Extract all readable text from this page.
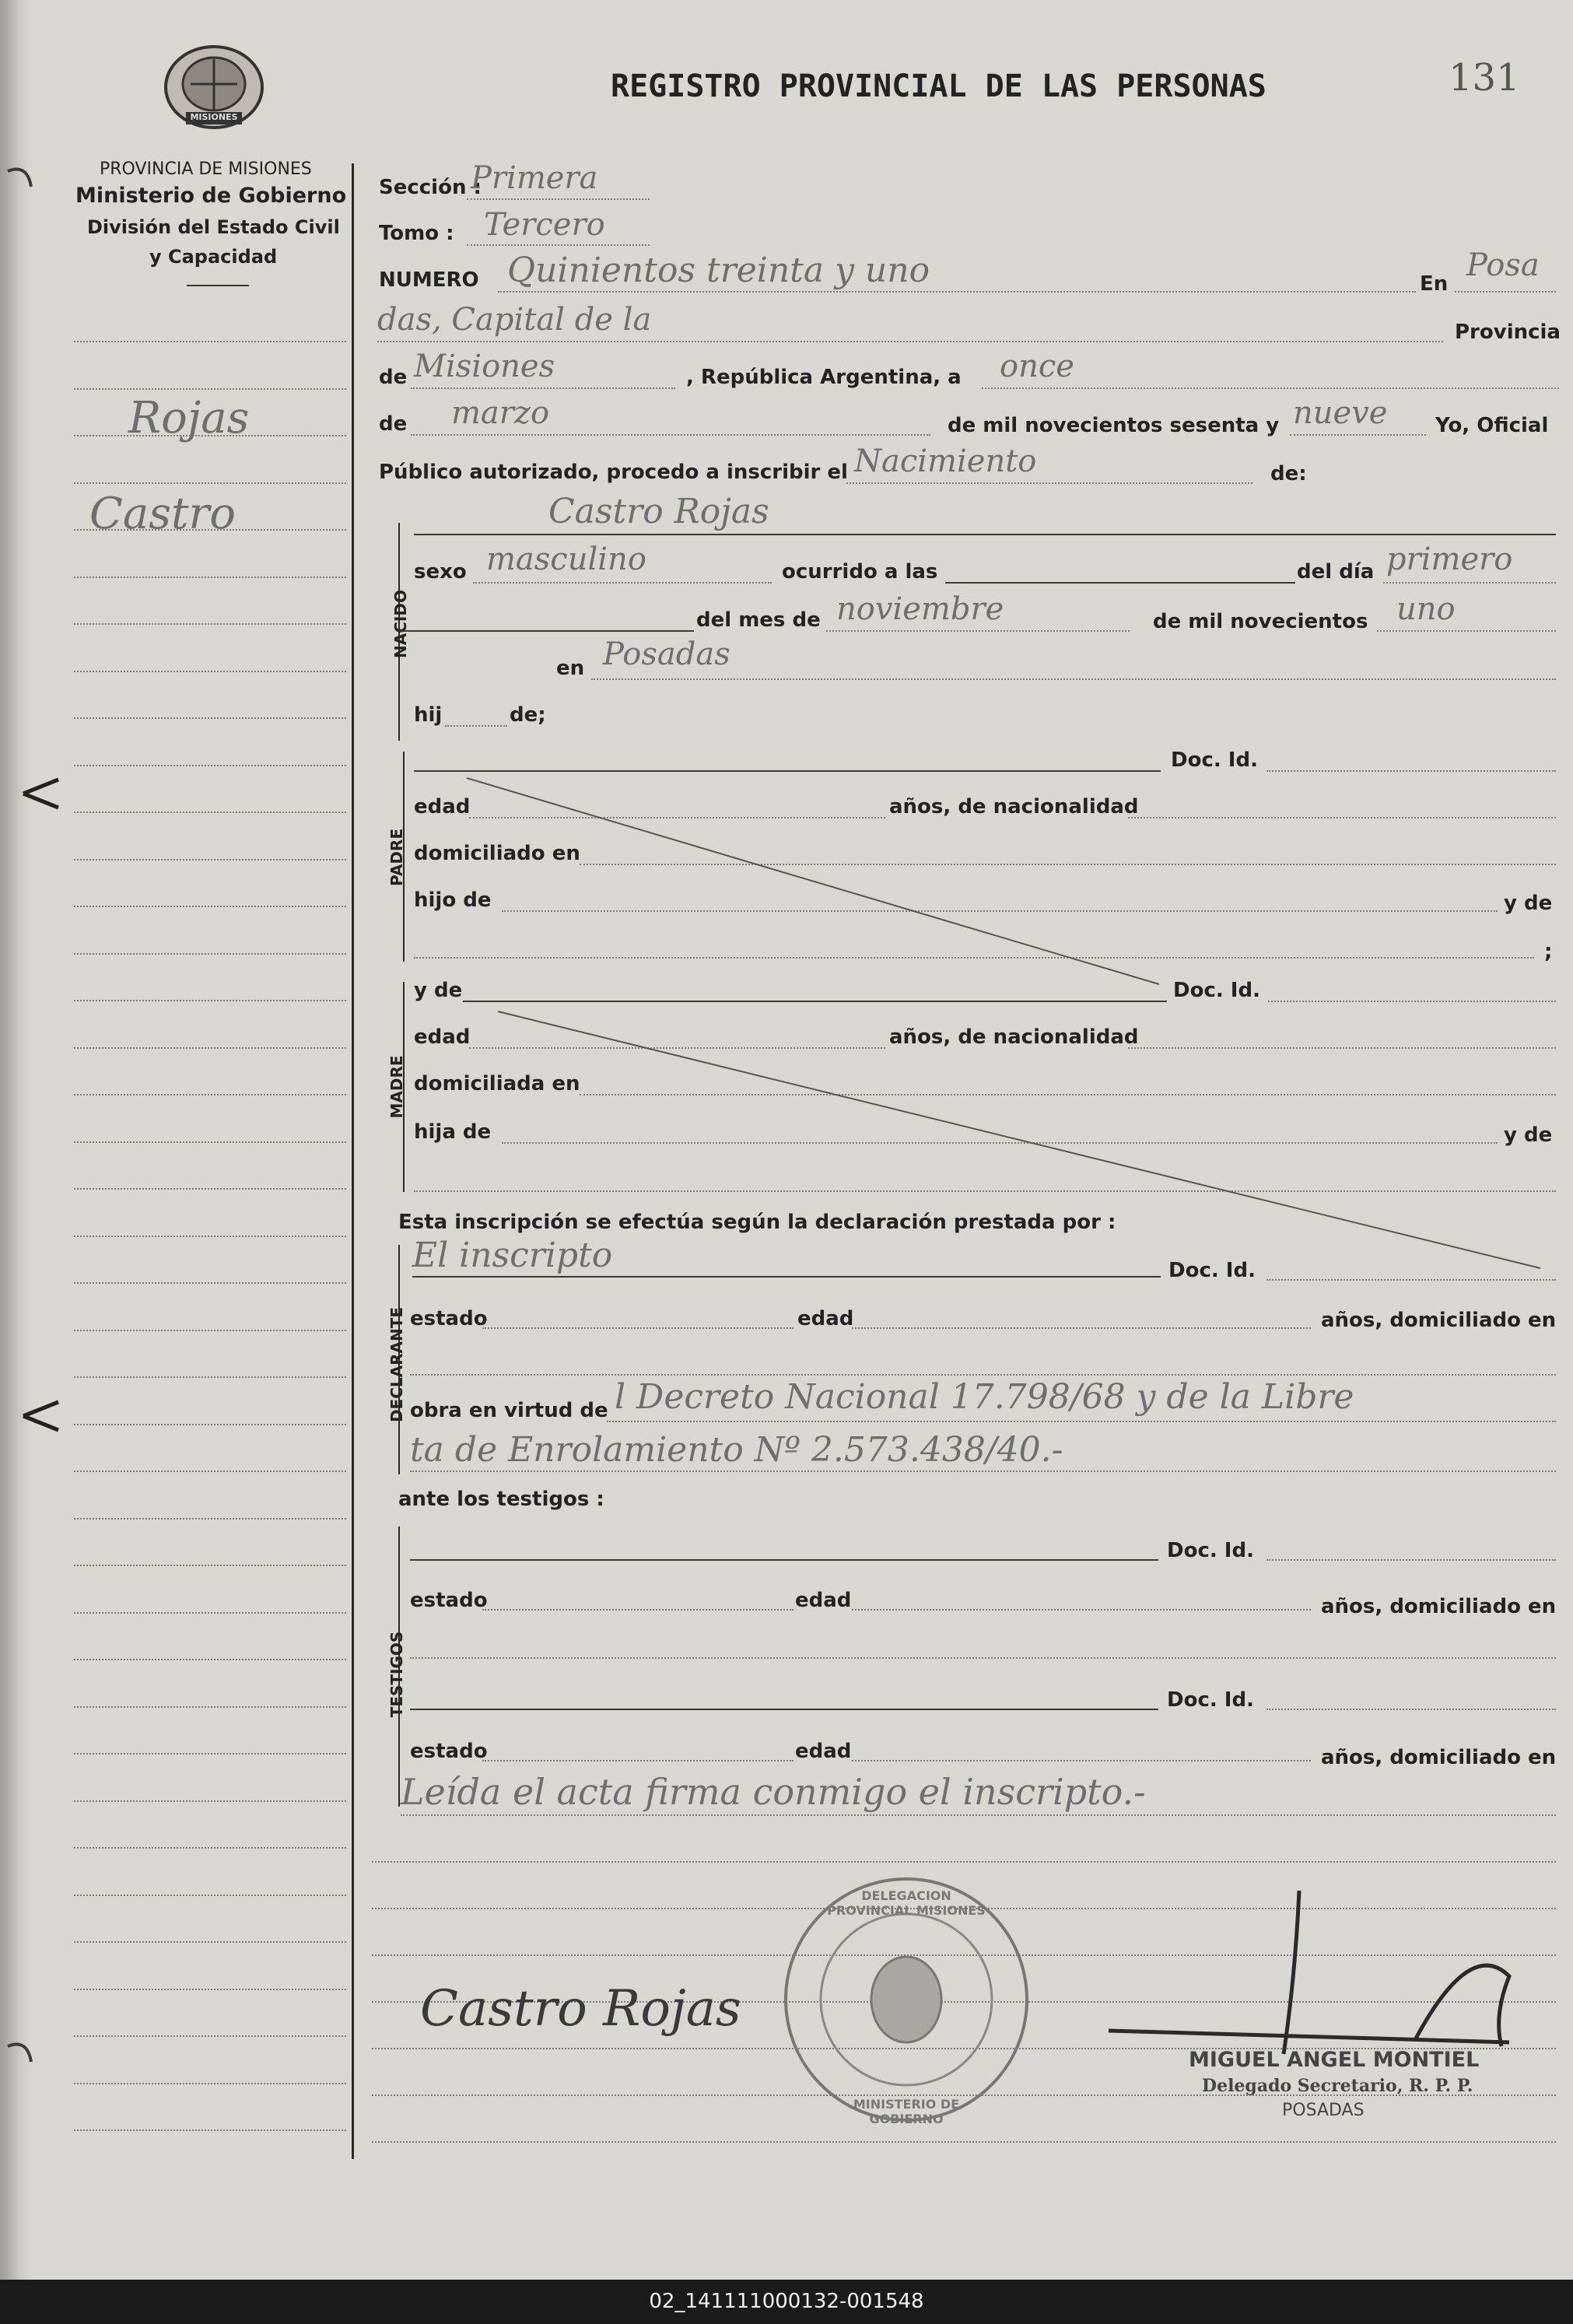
MISIONES
REGISTRO PROVINCIAL DE LAS PERSONAS	131
PROVINCIA DE MISIONES
Ministerio de Gobierno
División del Estado Civil
y Capacidad
Rojas
Castro
Sección :
Primera
Tomo : Tercero
NUMERO Quinientos treinta y uno	En
Posa
das, Capital de la	Provincia
de Misiones	, República Argentina, a once
de marzo	de mil novecientos sesenta y nueve Yo, Oficial
Público autorizado, procedo a inscribir el Nacimiento	de:
NACIDO
Castro Rojas
sexo masculino	ocurrido a las	del día primero
del mes de noviembre	de mil novecientos uno
en Posadas
hij	de;
PADRE
Doc. Id.
edad	años, de nacionalidad
domiciliado en
hijo de	y de
;
MADRE
y de	Doc. Id.
edad	años, de nacionalidad
domiciliada en
hija de	y de
Esta inscripción se efectúa según la declaración prestada por :
DECLARANTE
El inscripto	Doc. Id.
estado	edad	años, domiciliado en
obra en virtud de l Decreto Nacional 17.798/68 y de la Libre
ta de Enrolamiento Nº 2.573.438/40.-
ante los testigos :
TESTIGOS
Doc. Id.
estado	edad	años, domiciliado en
Doc. Id.
estado	edad	años, domiciliado en
Leída el acta firma conmigo el inscripto.-
DELEGACION PROVINCIAL MISIONES
MINISTERIO DE GOBIERNO
Castro Rojas
MIGUEL ANGEL MONTIEL
Delegado Secretario, R. P. P.
POSADAS
02_141111000132-001548
